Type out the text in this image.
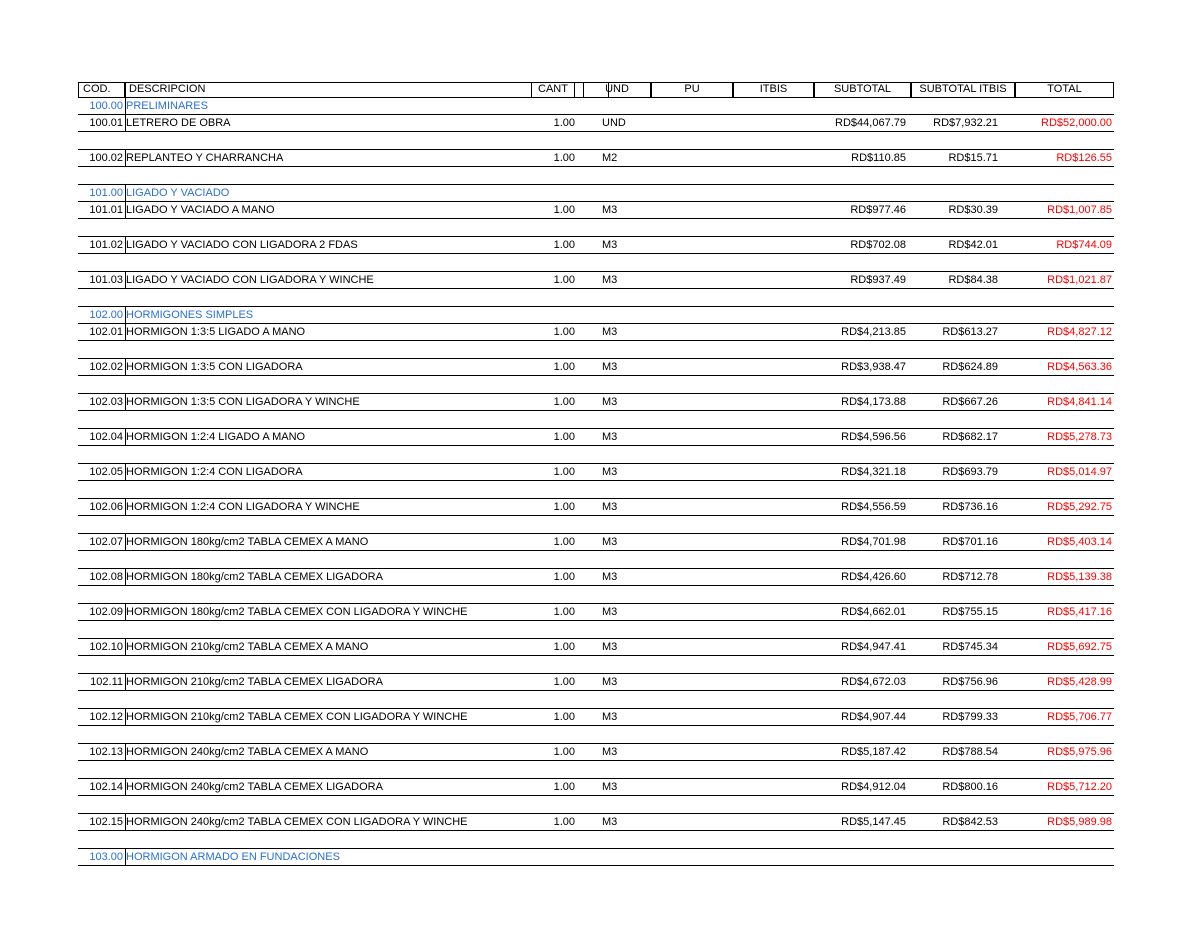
COD.	DESCRIPCION	CANT	UND	PU	ITBIS	SUBTOTAL	SUBTOTAL ITBIS	TOTAL
100.00 PRELIMINARES
100.01 LETRERO DE OBRA	1.00 UND	RD$44,067.79	RD$7,932.21	RD$52,000.00
100.02 REPLANTEO Y CHARRANCHA	1.00 M2	RD$110.85	RD$15.71	RD$126.55
101.00 LIGADO Y VACIADO
101.01 LIGADO Y VACIADO A MANO	1.00 M3	RD$977.46	RD$30.39	RD$1,007.85
101.02 LIGADO Y VACIADO CON LIGADORA 2 FDAS	1.00 M3	RD$702.08	RD$42.01	RD$744.09
101.03 LIGADO Y VACIADO CON LIGADORA Y WINCHE	1.00 M3	RD$937.49	RD$84.38	RD$1,021.87
102.00 HORMIGONES SIMPLES
102.01 HORMIGON 1:3:5 LIGADO A MANO	1.00 M3	RD$4,213.85	RD$613.27	RD$4,827.12
102.02 HORMIGON 1:3:5 CON LIGADORA	1.00 M3	RD$3,938.47	RD$624.89	RD$4,563.36
102.03 HORMIGON 1:3:5 CON LIGADORA Y WINCHE	1.00 M3	RD$4,173.88	RD$667.26	RD$4,841.14
102.04 HORMIGON 1:2:4 LIGADO A MANO	1.00 M3	RD$4,596.56	RD$682.17	RD$5,278.73
102.05 HORMIGON 1:2:4 CON LIGADORA	1.00 M3	RD$4,321.18	RD$693.79	RD$5,014.97
102.06 HORMIGON 1:2:4 CON LIGADORA Y WINCHE	1.00 M3	RD$4,556.59	RD$736.16	RD$5,292.75
102.07 HORMIGON 180kg/cm2 TABLA CEMEX A MANO	1.00 M3	RD$4,701.98	RD$701.16	RD$5,403.14
102.08 HORMIGON 180kg/cm2 TABLA CEMEX LIGADORA	1.00 M3	RD$4,426.60	RD$712.78	RD$5,139.38
102.09 HORMIGON 180kg/cm2 TABLA CEMEX CON LIGADORA Y WINCHE	1.00 M3	RD$4,662.01	RD$755.15	RD$5,417.16
102.10 HORMIGON 210kg/cm2 TABLA CEMEX A MANO	1.00 M3	RD$4,947.41	RD$745.34	RD$5,692.75
102.11 HORMIGON 210kg/cm2 TABLA CEMEX LIGADORA	1.00 M3	RD$4,672.03	RD$756.96	RD$5,428.99
102.12 HORMIGON 210kg/cm2 TABLA CEMEX CON LIGADORA Y WINCHE	1.00 M3	RD$4,907.44	RD$799.33	RD$5,706.77
102.13 HORMIGON 240kg/cm2 TABLA CEMEX A MANO	1.00 M3	RD$5,187.42	RD$788.54	RD$5,975.96
102.14 HORMIGON 240kg/cm2 TABLA CEMEX LIGADORA	1.00 M3	RD$4,912.04	RD$800.16	RD$5,712.20
102.15 HORMIGON 240kg/cm2 TABLA CEMEX CON LIGADORA Y WINCHE	1.00 M3	RD$5,147.45	RD$842.53	RD$5,989.98
103.00 HORMIGON ARMADO EN FUNDACIONES
